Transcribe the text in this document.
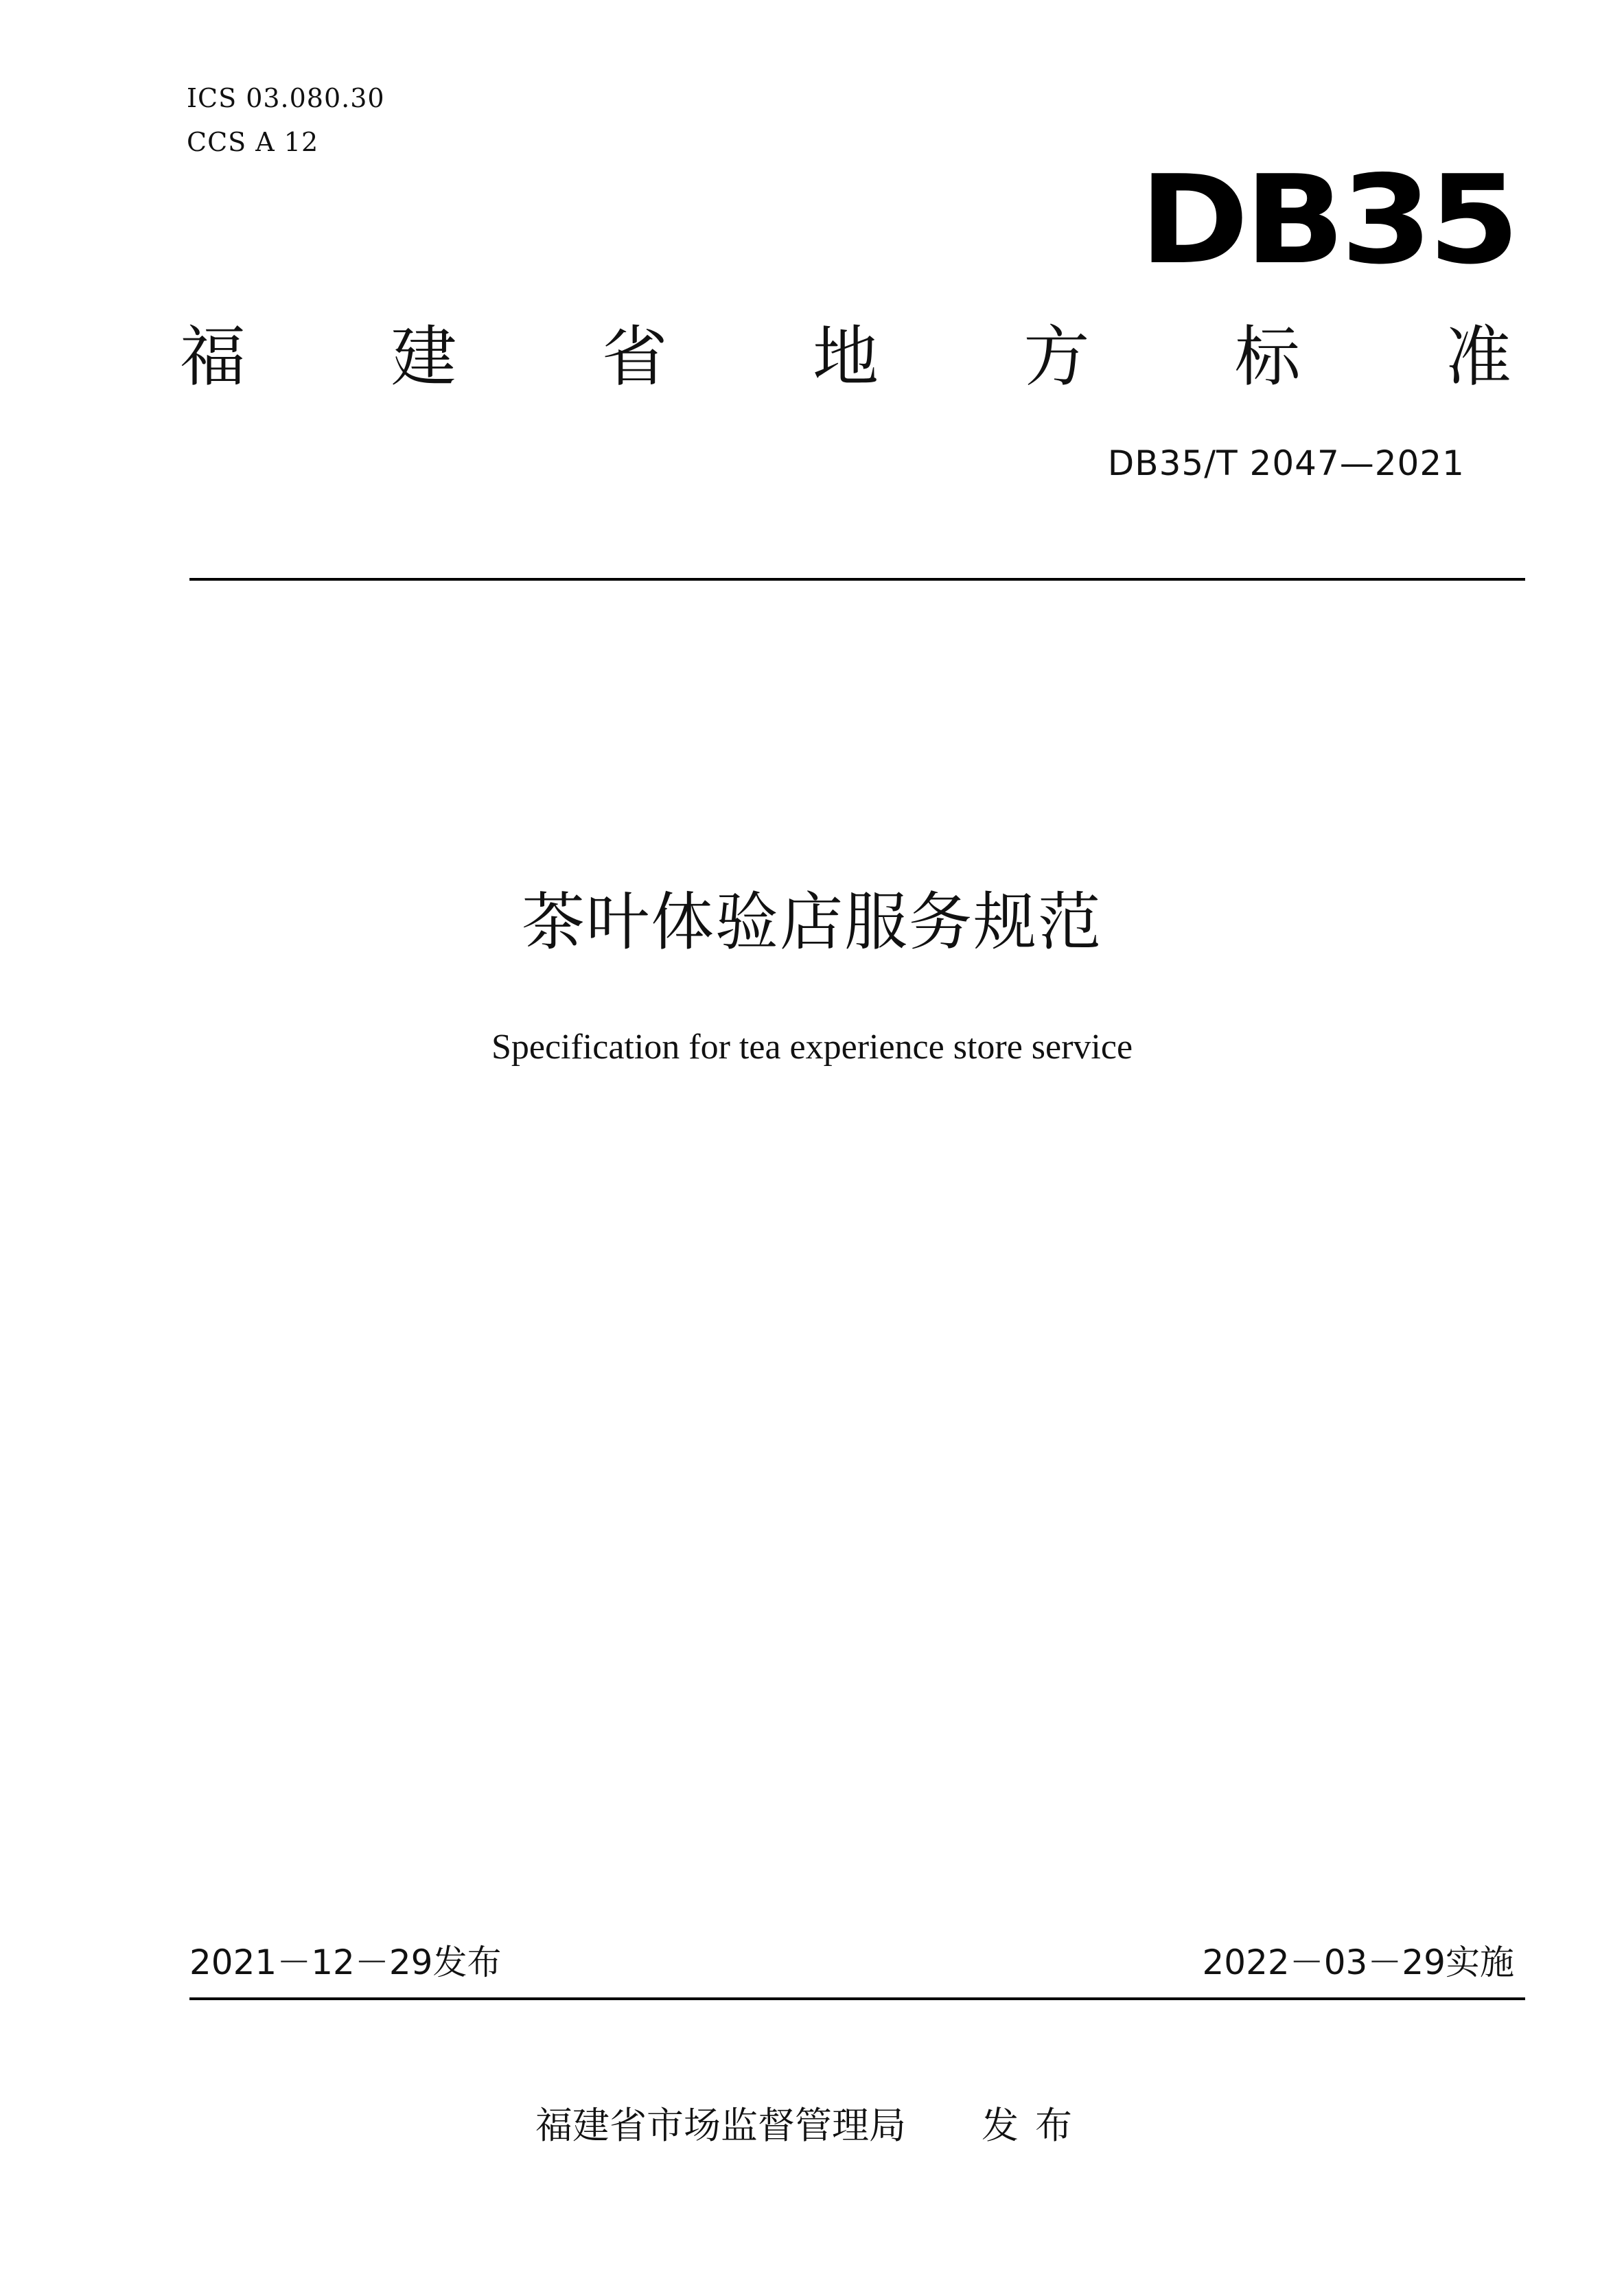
ICS 03.080.30
CCS A 12
DB35
福 建 省 地 方 标 准
DB35/T 2047—2021
茶叶体验店服务规范
Specification for tea experience store service
2021－12－29发布	2022－03－29实施
福建省市场监督管理局 发布
